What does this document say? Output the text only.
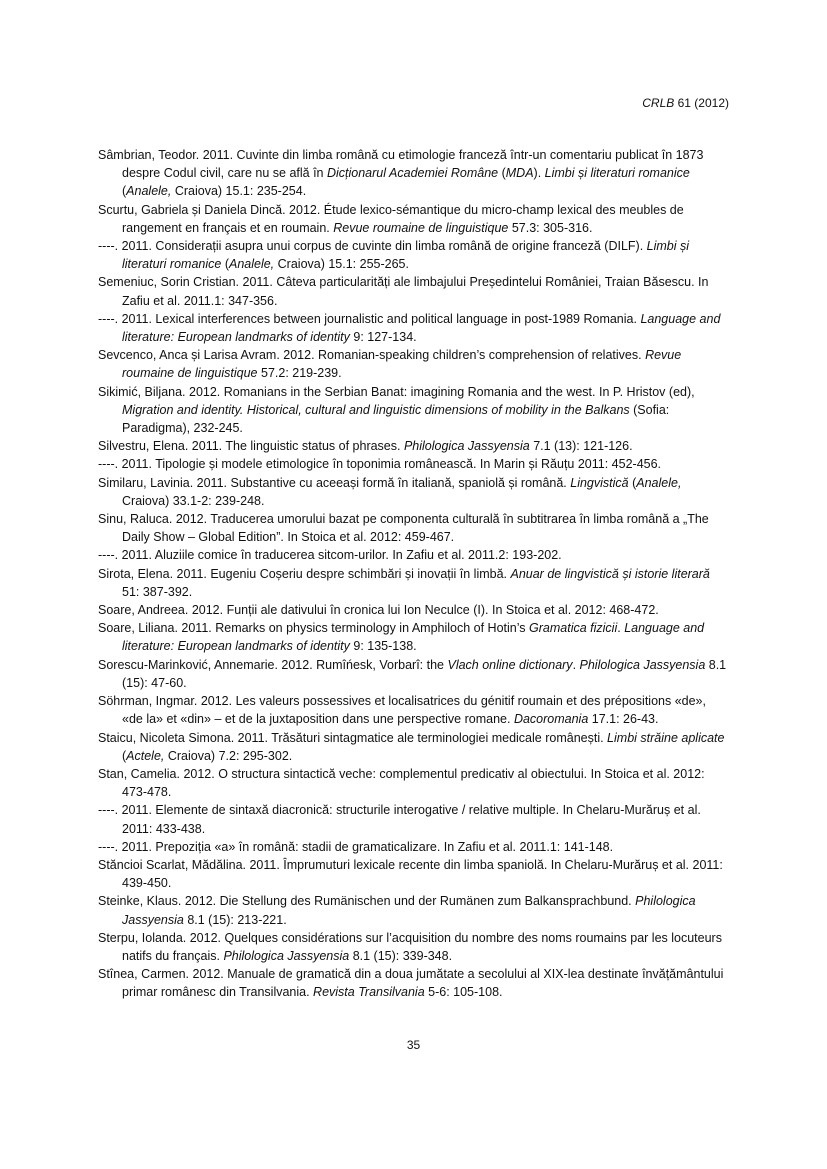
CRLB 61 (2012)

Sâmbrian, Teodor. 2011. Cuvinte din limba română cu etimologie franceză într-un comentariu publicat în 1873 despre Codul civil, care nu se află în Dicționarul Academiei Române (MDA). Limbi și literaturi romanice (Analele, Craiova) 15.1: 235-254.

Scurtu, Gabriela și Daniela Dincă. 2012. Étude lexico-sémantique du micro-champ lexical des meubles de rangement en français et en roumain. Revue roumaine de linguistique 57.3: 305-316.

----. 2011. Considerații asupra unui corpus de cuvinte din limba română de origine franceză (DILF). Limbi și literaturi romanice (Analele, Craiova) 15.1: 255-265.

Semeniuc, Sorin Cristian. 2011. Câteva particularități ale limbajului Președintelui României, Traian Băsescu. In Zafiu et al. 2011.1: 347-356.

----. 2011. Lexical interferences between journalistic and political language in post-1989 Romania. Language and literature: European landmarks of identity 9: 127-134.

Sevcenco, Anca și Larisa Avram. 2012. Romanian-speaking children’s comprehension of relatives. Revue roumaine de linguistique 57.2: 219-239.

Sikimić, Biljana. 2012. Romanians in the Serbian Banat: imagining Romania and the west. In P. Hristov (ed), Migration and identity. Historical, cultural and linguistic dimensions of mobility in the Balkans (Sofia: Paradigma), 232-245.

Silvestru, Elena. 2011. The linguistic status of phrases. Philologica Jassyensia 7.1 (13): 121-126.

----. 2011. Tipologie și modele etimologice în toponimia românească. In Marin și Răuțu 2011: 452-456.

Similaru, Lavinia. 2011. Substantive cu aceeași formă în italiană, spaniolă și română. Lingvistică (Analele, Craiova) 33.1-2: 239-248.

Sinu, Raluca. 2012. Traducerea umorului bazat pe componenta culturală în subtitrarea în limba română a „The Daily Show – Global Edition”. In Stoica et al. 2012: 459-467.

----. 2011. Aluziile comice în traducerea sitcom-urilor. In Zafiu et al. 2011.2: 193-202.

Sirota, Elena. 2011. Eugeniu Coșeriu despre schimbări și inovații în limbă. Anuar de lingvistică și istorie literară 51: 387-392.

Soare, Andreea. 2012. Funții ale dativului în cronica lui Ion Neculce (I). In Stoica et al. 2012: 468-472.

Soare, Liliana. 2011. Remarks on physics terminology in Amphiloch of Hotin’s Gramatica fizicii. Language and literature: European landmarks of identity 9: 135-138.

Sorescu-Marinković, Annemarie. 2012. Rumîńesk, Vorbarî: the Vlach online dictionary. Philologica Jassyensia 8.1 (15): 47-60.

Söhrman, Ingmar. 2012. Les valeurs possessives et localisatrices du génitif roumain et des prépositions «de», «de la» et «din» – et de la juxtaposition dans une perspective romane. Dacoromania 17.1: 26-43.

Staicu, Nicoleta Simona. 2011. Trăsături sintagmatice ale terminologiei medicale românești. Limbi străine aplicate (Actele, Craiova) 7.2: 295-302.

Stan, Camelia. 2012. O structura sintactică veche: complementul predicativ al obiectului. In Stoica et al. 2012: 473-478.

----. 2011. Elemente de sintaxă diacronică: structurile interogative / relative multiple. In Chelaru-Murăruș et al. 2011: 433-438.

----. 2011. Prepoziția «a» în română: stadii de gramaticalizare. In Zafiu et al. 2011.1: 141-148.

Stăncioi Scarlat, Mădălina. 2011. Împrumuturi lexicale recente din limba spaniolă. In Chelaru-Murăruș et al. 2011: 439-450.

Steinke, Klaus. 2012. Die Stellung des Rumänischen und der Rumänen zum Balkansprachbund. Philologica Jassyensia 8.1 (15): 213-221.

Sterpu, Iolanda. 2012. Quelques considérations sur l’acquisition du nombre des noms roumains par les locuteurs natifs du français. Philologica Jassyensia 8.1 (15): 339-348.

Stînea, Carmen. 2012. Manuale de gramatică din a doua jumătate a secolului al XIX-lea destinate învățământului primar românesc din Transilvania. Revista Transilvania 5-6: 105-108.

35
